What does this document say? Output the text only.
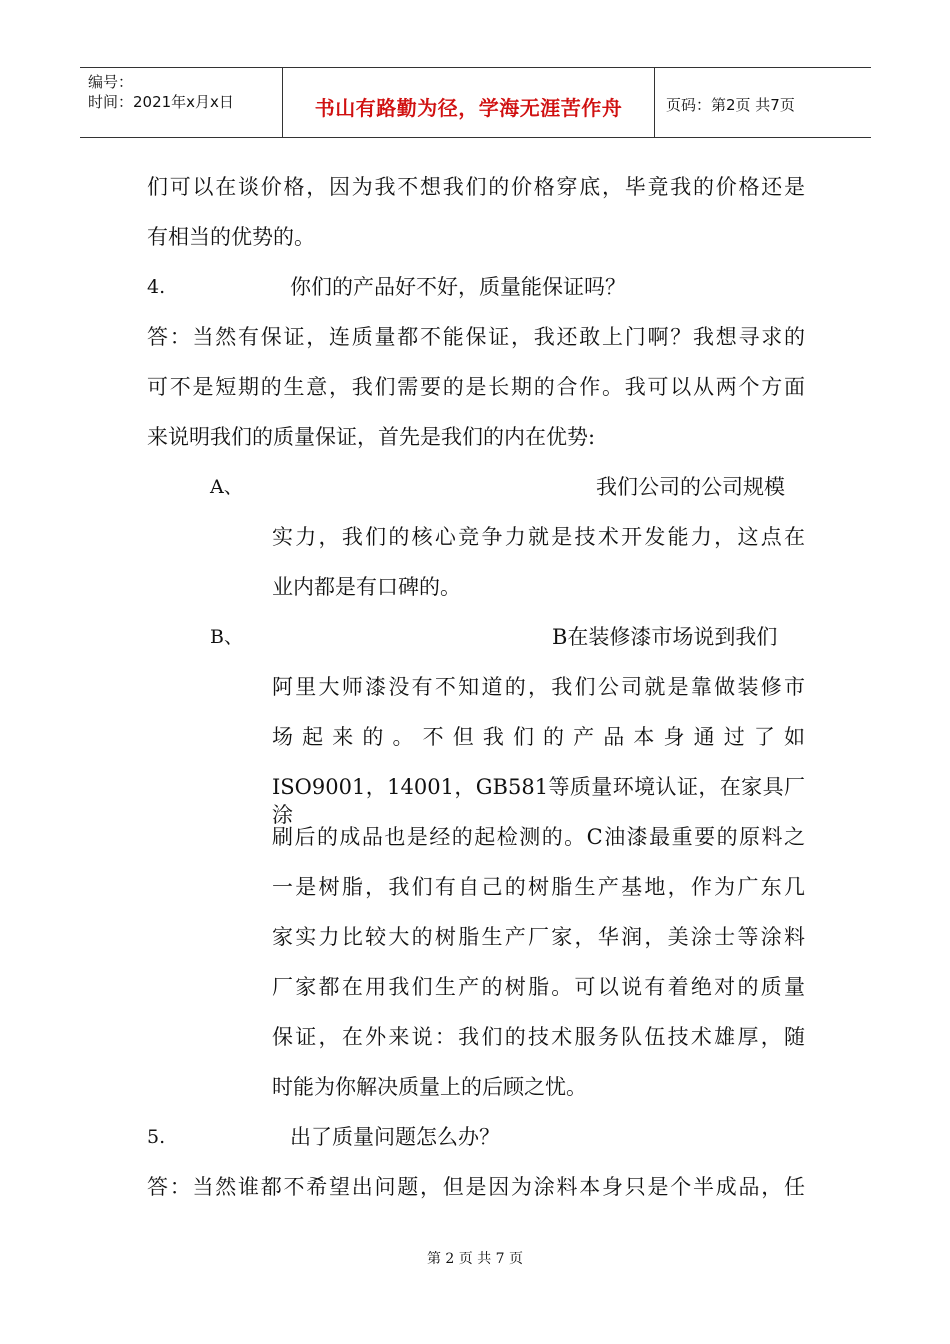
编号：
时间：2021年x月x日	书山有路勤为径，学海无涯苦作舟	页码：第2页 共7页
们可以在谈价格，因为我不想我们的价格穿底，毕竟我的价格还是
有相当的优势的。
4.	你们的产品好不好，质量能保证吗？
答：当然有保证，连质量都不能保证，我还敢上门啊？我想寻求的
可不是短期的生意，我们需要的是长期的合作。我可以从两个方面
来说明我们的质量保证，首先是我们的内在优势:
A、	我们公司的公司规模
实力，我们的核心竞争力就是技术开发能力，这点在
业内都是有口碑的。
B、	B在装修漆市场说到我们
阿里大师漆没有不知道的，我们公司就是靠做装修市
场起来的。不但我们的产品本身通过了如
ISO9001，14001，GB581等质量环境认证，在家具厂涂
刷后的成品也是经的起检测的。C油漆最重要的原料之
一是树脂，我们有自己的树脂生产基地，作为广东几
家实力比较大的树脂生产厂家，华润，美涂士等涂料
厂家都在用我们生产的树脂。可以说有着绝对的质量
保证，在外来说：我们的技术服务队伍技术雄厚，随
时能为你解决质量上的后顾之忧。
5.	出了质量问题怎么办？
答：当然谁都不希望出问题，但是因为涂料本身只是个半成品，任
第 2 页 共 7 页
